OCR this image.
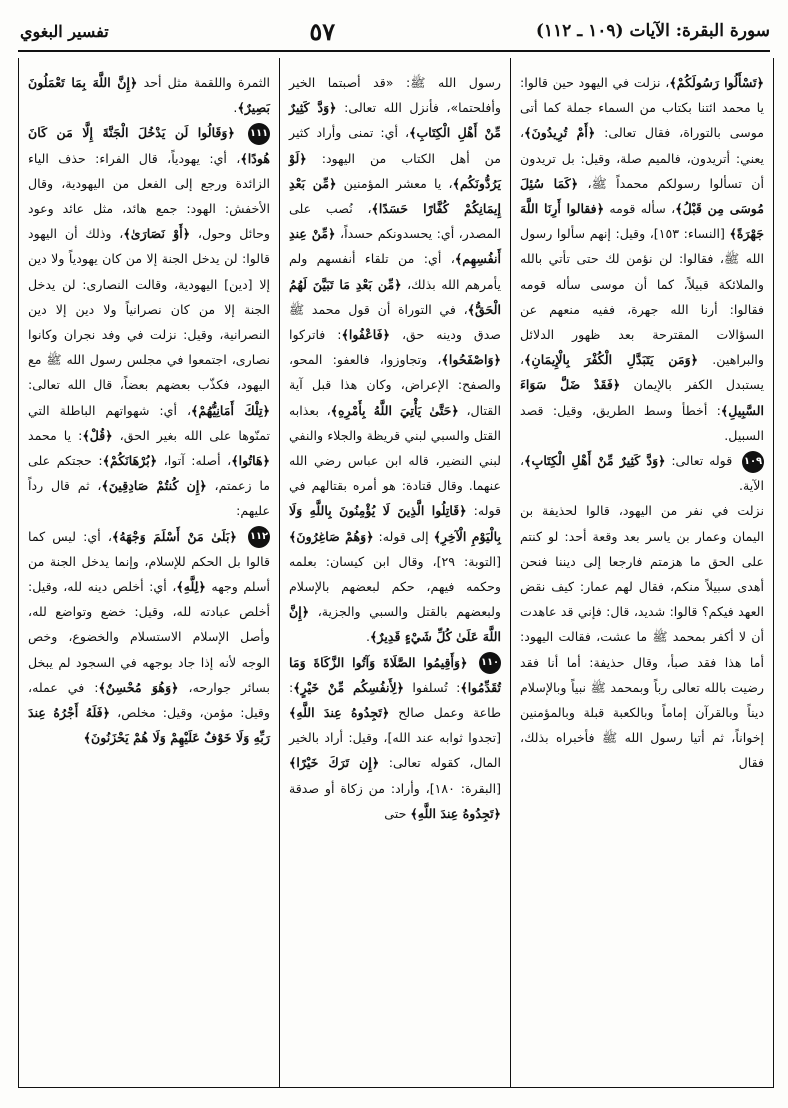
سورة البقرة: الآيات (١٠٩ ـ ١١٢)
٥٧
تفسير البغوي

﴿تَسْأَلُوا رَسُولَكُمْ﴾، نزلت في اليهود حين قالوا: يا محمد ائتنا بكتاب من السماء جملة كما أتى موسى بالتوراة، فقال تعالى: ﴿أَمْ تُرِيدُونَ﴾، يعني: أتريدون، فالميم صلة، وقيل: بل تريدون أن تسألوا رسولكم محمداً ﷺ، ﴿كَمَا سُئِلَ مُوسَى مِن قَبْلُ﴾، سأله قومه ﴿فقالوا أَرِنَا اللَّهَ جَهْرَةً﴾ [النساء: ١٥٣]، وقيل: إنهم سألوا رسول الله ﷺ، فقالوا: لن نؤمن لك حتى تأتي بالله والملائكة قبيلاً، كما أن موسى سأله قومه فقالوا: أرنا الله جهرة، ففيه منعهم عن السؤالات المقترحة بعد ظهور الدلائل والبراهين. ﴿وَمَن يَتَبَدَّلِ الْكُفْرَ بِالْإِيمَانِ﴾، يستبدل الكفر بالإيمان ﴿فَقَدْ ضَلَّ سَوَاءَ السَّبِيلِ﴾: أخطأ وسط الطريق، وقيل: قصد السبيل.

١٠٩ قوله تعالى: ﴿وَدَّ كَثِيرٌ مِّنْ أَهْلِ الْكِتَابِ﴾، الآية.

نزلت في نفر من اليهود، قالوا لحذيفة بن اليمان وعمار بن ياسر بعد وقعة أحد: لو كنتم على الحق ما هزمتم فارجعا إلى ديننا فنحن أهدى سبيلاً منكم، فقال لهم عمار: كيف نقض العهد فيكم؟ قالوا: شديد، قال: فإني قد عاهدت أن لا أكفر بمحمد ﷺ ما عشت، فقالت اليهود: أما هذا فقد صبأ، وقال حذيفة: أما أنا فقد رضيت بالله تعالى رباً وبمحمد ﷺ نبياً وبالإسلام ديناً وبالقرآن إماماً وبالكعبة قبلة وبالمؤمنين إخواناً، ثم أتيا رسول الله ﷺ فأخبراه بذلك، فقال

رسول الله ﷺ: «قد أصبتما الخير وأفلحتما»، فأنزل الله تعالى: ﴿وَدَّ كَثِيرٌ مِّنْ أَهْلِ الْكِتَابِ﴾، أي: تمنى وأراد كثير من أهل الكتاب من اليهود: ﴿لَوْ يَرُدُّونَكُم﴾، يا معشر المؤمنين ﴿مِّن بَعْدِ إِيمَانِكُمْ كُفَّارًا حَسَدًا﴾، نُصب على المصدر، أي: يحسدونكم حسداً، ﴿مِّنْ عِندِ أَنفُسِهِم﴾، أي: من تلقاء أنفسهم ولم يأمرهم الله بذلك، ﴿مِّن بَعْدِ مَا تَبَيَّنَ لَهُمُ الْحَقُّ﴾، في التوراة أن قول محمد ﷺ صدق ودينه حق، ﴿فَاعْفُوا﴾: فاتركوا ﴿وَاصْفَحُوا﴾، وتجاوزوا، فالعفو: المحو، والصفح: الإعراض، وكان هذا قبل آية القتال، ﴿حَتَّىٰ يَأْتِيَ اللَّهُ بِأَمْرِهِ﴾، بعذابه القتل والسبي لبني قريظة والجلاء والنفي لبني النضير، قاله ابن عباس رضي الله عنهما. وقال قتادة: هو أمره بقتالهم في قوله: ﴿قَاتِلُوا الَّذِينَ لَا يُؤْمِنُونَ بِاللَّهِ وَلَا بِالْيَوْمِ الْآخِرِ﴾ إلى قوله: ﴿وَهُمْ صَاغِرُونَ﴾ [التوبة: ٢٩]، وقال ابن كيسان: بعلمه وحكمه فيهم، حكم لبعضهم بالإسلام ولبعضهم بالقتل والسبي والجزية، ﴿إِنَّ اللَّهَ عَلَىٰ كُلِّ شَيْءٍ قَدِيرٌ﴾.

١١٠ ﴿وَأَقِيمُوا الصَّلَاةَ وَآتُوا الزَّكَاةَ وَمَا تُقَدِّمُوا﴾: تُسلفوا ﴿لِأَنفُسِكُم مِّنْ خَيْرٍ﴾: طاعة وعمل صالح ﴿تَجِدُوهُ عِندَ اللَّهِ﴾ [تجدوا ثوابه عند الله]، وقيل: أراد بالخير المال، كقوله تعالى: ﴿إِن تَرَكَ خَيْرًا﴾ [البقرة: ١٨٠]، وأراد: من زكاة أو صدقة ﴿تَجِدُوهُ عِندَ اللَّهِ﴾ حتى

الثمرة واللقمة مثل أحد ﴿إِنَّ اللَّهَ بِمَا تَعْمَلُونَ بَصِيرٌ﴾.

١١١ ﴿وَقَالُوا لَن يَدْخُلَ الْجَنَّةَ إِلَّا مَن كَانَ هُودًا﴾، أي: يهودياً، قال الفراء: حذف الياء الزائدة ورجع إلى الفعل من اليهودية، وقال الأخفش: الهود: جمع هائد، مثل عائد وعود وحائل وحول، ﴿أَوْ نَصَارَىٰ﴾، وذلك أن اليهود قالوا: لن يدخل الجنة إلا من كان يهودياً ولا دين إلا [دين] اليهودية، وقالت النصارى: لن يدخل الجنة إلا من كان نصرانياً ولا دين إلا دين النصرانية، وقيل: نزلت في وفد نجران وكانوا نصارى، اجتمعوا في مجلس رسول الله ﷺ مع اليهود، فكذّب بعضهم بعضاً، قال الله تعالى: ﴿تِلْكَ أَمَانِيُّهُمْ﴾، أي: شهواتهم الباطلة التي تمنّوها على الله بغير الحق، ﴿قُلْ﴾: يا محمد ﴿هَاتُوا﴾، أصله: آتوا، ﴿بُرْهَانَكُمْ﴾: حجتكم على ما زعمتم، ﴿إِن كُنتُمْ صَادِقِينَ﴾، ثم قال رداً عليهم:

١١٢ ﴿بَلَىٰ مَنْ أَسْلَمَ وَجْهَهُ﴾، أي: ليس كما قالوا بل الحكم للإسلام، وإنما يدخل الجنة من أسلم وجهه ﴿لِلَّهِ﴾، أي: أخلص دينه لله، وقيل: أخلص عبادته لله، وقيل: خضع وتواضع لله، وأصل الإسلام الاستسلام والخضوع، وخص الوجه لأنه إذا جاد بوجهه في السجود لم يبخل بسائر جوارحه، ﴿وَهُوَ مُحْسِنٌ﴾: في عمله، وقيل: مؤمن، وقيل: مخلص، ﴿فَلَهُ أَجْرُهُ عِندَ رَبِّهِ وَلَا خَوْفٌ عَلَيْهِمْ وَلَا هُمْ يَحْزَنُونَ﴾
